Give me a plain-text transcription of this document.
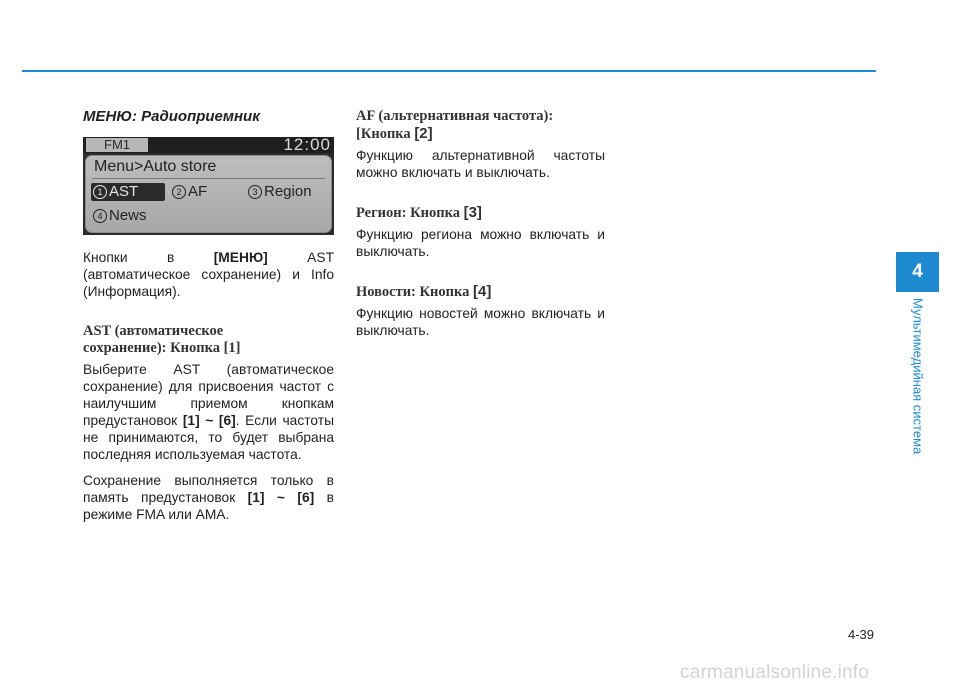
МЕНЮ: Радиоприемник
FM1	12:00
Menu>Auto store
1 AST	2 AF	3 Region
4 News

Кнопки в [МЕНЮ] AST (автоматическое сохранение) и Info (Информация).

AST (автоматическое
сохранение): Кнопка [1]

Выберите AST (автоматическое сохранение) для присвоения частот с наилучшим приемом кнопкам предустановок [1] ~ [6]. Если частоты не принимаются, то будет выбрана последняя используемая частота.

Сохранение выполняется только в память предустановок [1] ~ [6] в режиме FMA или AMA.

AF (альтернативная частота):
[Кнопка [2]

Функцию альтернативной частоты можно включать и выключать.

Регион: Кнопка [3]

Функцию региона можно включать и выключать.

Новости: Кнопка [4]

Функцию новостей можно включать и выключать.

4
Мультимедийная система
4-39
carmanualsonline.info
